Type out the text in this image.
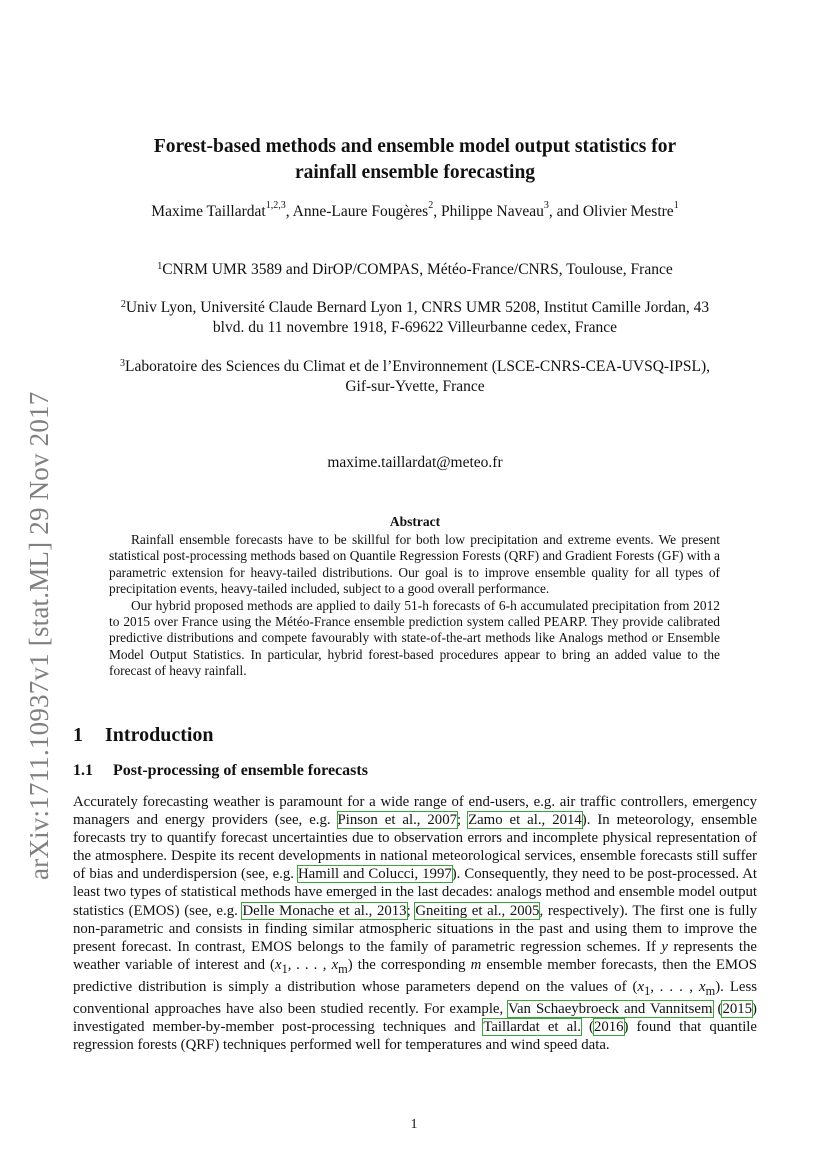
arXiv:1711.10937v1 [stat.ML] 29 Nov 2017
Forest-based methods and ensemble model output statistics for
rainfall ensemble forecasting
Maxime Taillardat$^{1,2,3}$, Anne-Laure Fougères$^2$, Philippe Naveau$^3$, and Olivier Mestre$^1$
$^1$CNRM UMR 3589 and DirOP/COMPAS, Météo-France/CNRS, Toulouse, France
$^2$Univ Lyon, Université Claude Bernard Lyon 1, CNRS UMR 5208, Institut Camille Jordan, 43
blvd. du 11 novembre 1918, F-69622 Villeurbanne cedex, France
$^3$Laboratoire des Sciences du Climat et de l’Environnement (LSCE-CNRS-CEA-UVSQ-IPSL),
Gif-sur-Yvette, France
maxime.taillardat@meteo.fr
Abstract

Rainfall ensemble forecasts have to be skillful for both low precipitation and extreme events. We present statistical post-processing methods based on Quantile Regression Forests (QRF) and Gradient Forests (GF) with a parametric extension for heavy-tailed distributions. Our goal is to improve ensemble quality for all types of precipitation events, heavy-tailed included, subject to a good overall performance.

Our hybrid proposed methods are applied to daily 51-h forecasts of 6-h accumulated precipitation from 2012 to 2015 over France using the Météo-France ensemble prediction system called PEARP. They provide calibrated predictive distributions and compete favourably with state-of-the-art methods like Analogs method or Ensemble Model Output Statistics. In particular, hybrid forest-based procedures appear to bring an added value to the forecast of heavy rainfall.

1 Introduction
1.1 Post-processing of ensemble forecasts

Accurately forecasting weather is paramount for a wide range of end-users, e.g. air traffic controllers, emergency managers and energy providers (see, e.g. Pinson et al., 2007; Zamo et al., 2014). In meteorology, ensemble forecasts try to quantify forecast uncertainties due to observation errors and incomplete physical representation of the atmosphere. Despite its recent developments in national meteorological services, ensemble forecasts still suffer of bias and underdispersion (see, e.g. Hamill and Colucci, 1997). Consequently, they need to be post-processed. At least two types of statistical methods have emerged in the last decades: analogs method and ensemble model output statistics (EMOS) (see, e.g. Delle Monache et al., 2013; Gneiting et al., 2005, respectively). The first one is fully non-parametric and consists in finding similar atmospheric situations in the past and using them to improve the present forecast. In contrast, EMOS belongs to the family of parametric regression schemes. If y represents the weather variable of interest and ($x_1$, . . . , $x_m$) the corresponding m ensemble member forecasts, then the EMOS predictive distribution is simply a distribution whose parameters depend on the values of ($x_1$, . . . , $x_m$). Less conventional approaches have also been studied recently. For example, Van Schaeybroeck and Vannitsem (2015) investigated member-by-member post-processing techniques and Taillardat et al. (2016) found that quantile regression forests (QRF) techniques performed well for temperatures and wind speed data.

1
